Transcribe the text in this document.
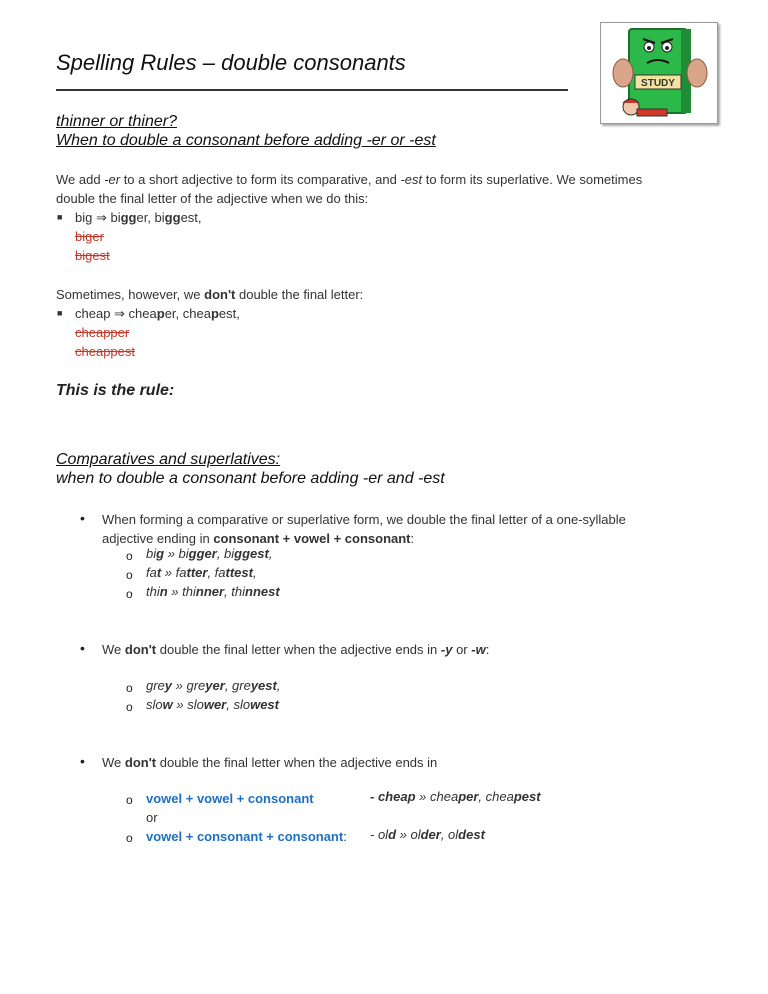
Spelling Rules – double consonants
STUDY
thinner or thiner?
When to double a consonant before adding -er or -est
We add -er to a short adjective to form its comparative, and -est to form its superlative. We sometimes
double the final letter of the adjective when we do this:
■ big ⇒ bigger, biggest,
biger
bigest
Sometimes, however, we don't double the final letter:
■ cheap ⇒ cheaper, cheapest,
cheapper
cheappest
This is the rule:
Comparatives and superlatives:
when to double a consonant before adding -er and -est
• When forming a comparative or superlative form, we double the final letter of a one-syllable
adjective ending in consonant + vowel + consonant:
o big » bigger, biggest,
o fat » fatter, fattest,
o thin » thinner, thinnest
• We don't double the final letter when the adjective ends in -y or -w:
o grey » greyer, greyest,
o slow » slower, slowest
• We don't double the final letter when the adjective ends in
o vowel + vowel + consonant	- cheap » cheaper, cheapest
or
o vowel + consonant + consonant: - old » older, oldest
